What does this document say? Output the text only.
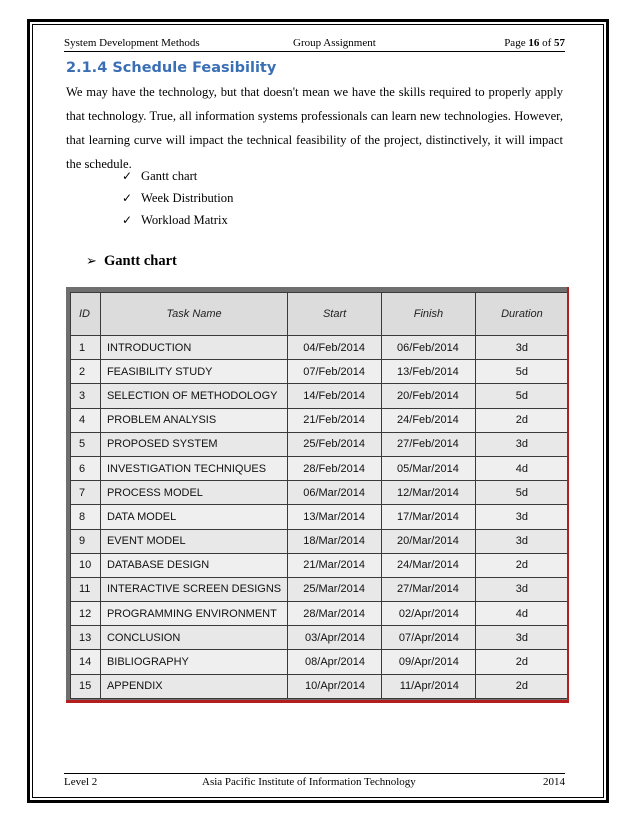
System Development Methods	Group Assignment	Page 16 of 57
2.1.4 Schedule Feasibility
We may have the technology, but that doesn't mean we have the skills required to properly apply that technology. True, all information systems professionals can learn new technologies. However, that learning curve will impact the technical feasibility of the project, distinctively, it will impact the schedule.
✓ Gantt chart
✓ Week Distribution
✓ Workload Matrix
➢ Gantt chart
ID	Task Name	Start	Finish	Duration
1	INTRODUCTION	04/Feb/2014	06/Feb/2014	3d
2	FEASIBILITY STUDY	07/Feb/2014	13/Feb/2014	5d
3	SELECTION OF METHODOLOGY	14/Feb/2014	20/Feb/2014	5d
4	PROBLEM ANALYSIS	21/Feb/2014	24/Feb/2014	2d
5	PROPOSED SYSTEM	25/Feb/2014	27/Feb/2014	3d
6	INVESTIGATION TECHNIQUES	28/Feb/2014	05/Mar/2014	4d
7	PROCESS MODEL	06/Mar/2014	12/Mar/2014	5d
8	DATA MODEL	13/Mar/2014	17/Mar/2014	3d
9	EVENT MODEL	18/Mar/2014	20/Mar/2014	3d
10	DATABASE DESIGN	21/Mar/2014	24/Mar/2014	2d
11	INTERACTIVE SCREEN DESIGNS	25/Mar/2014	27/Mar/2014	3d
12	PROGRAMMING ENVIRONMENT	28/Mar/2014	02/Apr/2014	4d
13	CONCLUSION	03/Apr/2014	07/Apr/2014	3d
14	BIBLIOGRAPHY	08/Apr/2014	09/Apr/2014	2d
15	APPENDIX	10/Apr/2014	11/Apr/2014	2d
Level 2	Asia Pacific Institute of Information Technology	2014
